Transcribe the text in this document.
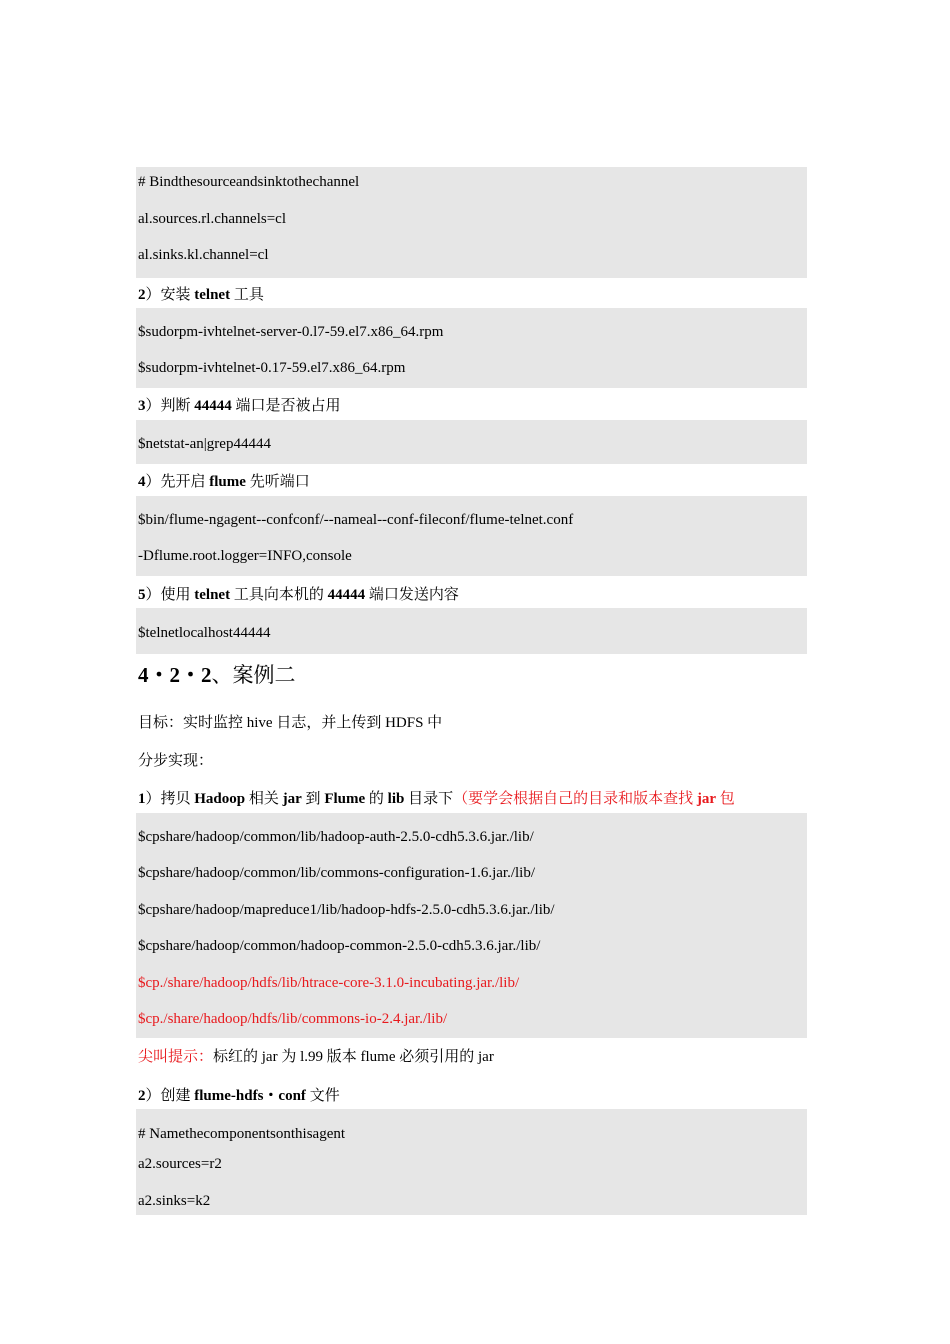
# Bindthesourceandsinktothechannel
al.sources.rl.channels=cl
al.sinks.kl.channel=cl
2）安装 telnet 工具
$sudorpm-ivhtelnet-server-0.l7-59.el7.x86_64.rpm
$sudorpm-ivhtelnet-0.17-59.el7.x86_64.rpm
3）判断 44444 端口是否被占用
$netstat-an|grep44444
4）先开启 flume 先听端口
$bin/flume-ngagent--confconf/--nameal--conf-fileconf/flume-telnet.conf
-Dflume.root.logger=INFO,console
5）使用 telnet 工具向本机的 44444 端口发送内容
$telnetlocalhost44444
4・2・2、案例二
目标：实时监控 hive 日志，并上传到 HDFS 中
分步实现：
1）拷贝 Hadoop 相关 jar 到 Flume 的 lib 目录下（要学会根据自己的目录和版本查找 jar 包
$cpshare/hadoop/common/lib/hadoop-auth-2.5.0-cdh5.3.6.jar./lib/
$cpshare/hadoop/common/lib/commons-configuration-1.6.jar./lib/
$cpshare/hadoop/mapreduce1/lib/hadoop-hdfs-2.5.0-cdh5.3.6.jar./lib/
$cpshare/hadoop/common/hadoop-common-2.5.0-cdh5.3.6.jar./lib/
$cp./share/hadoop/hdfs/lib/htrace-core-3.1.0-incubating.jar./lib/
$cp./share/hadoop/hdfs/lib/commons-io-2.4.jar./lib/
尖叫提示：标红的 jar 为 l.99 版本 flume 必须引用的 jar
2）创建 flume-hdfs・conf 文件
# Namethecomponentsonthisagent
a2.sources=r2
a2.sinks=k2
